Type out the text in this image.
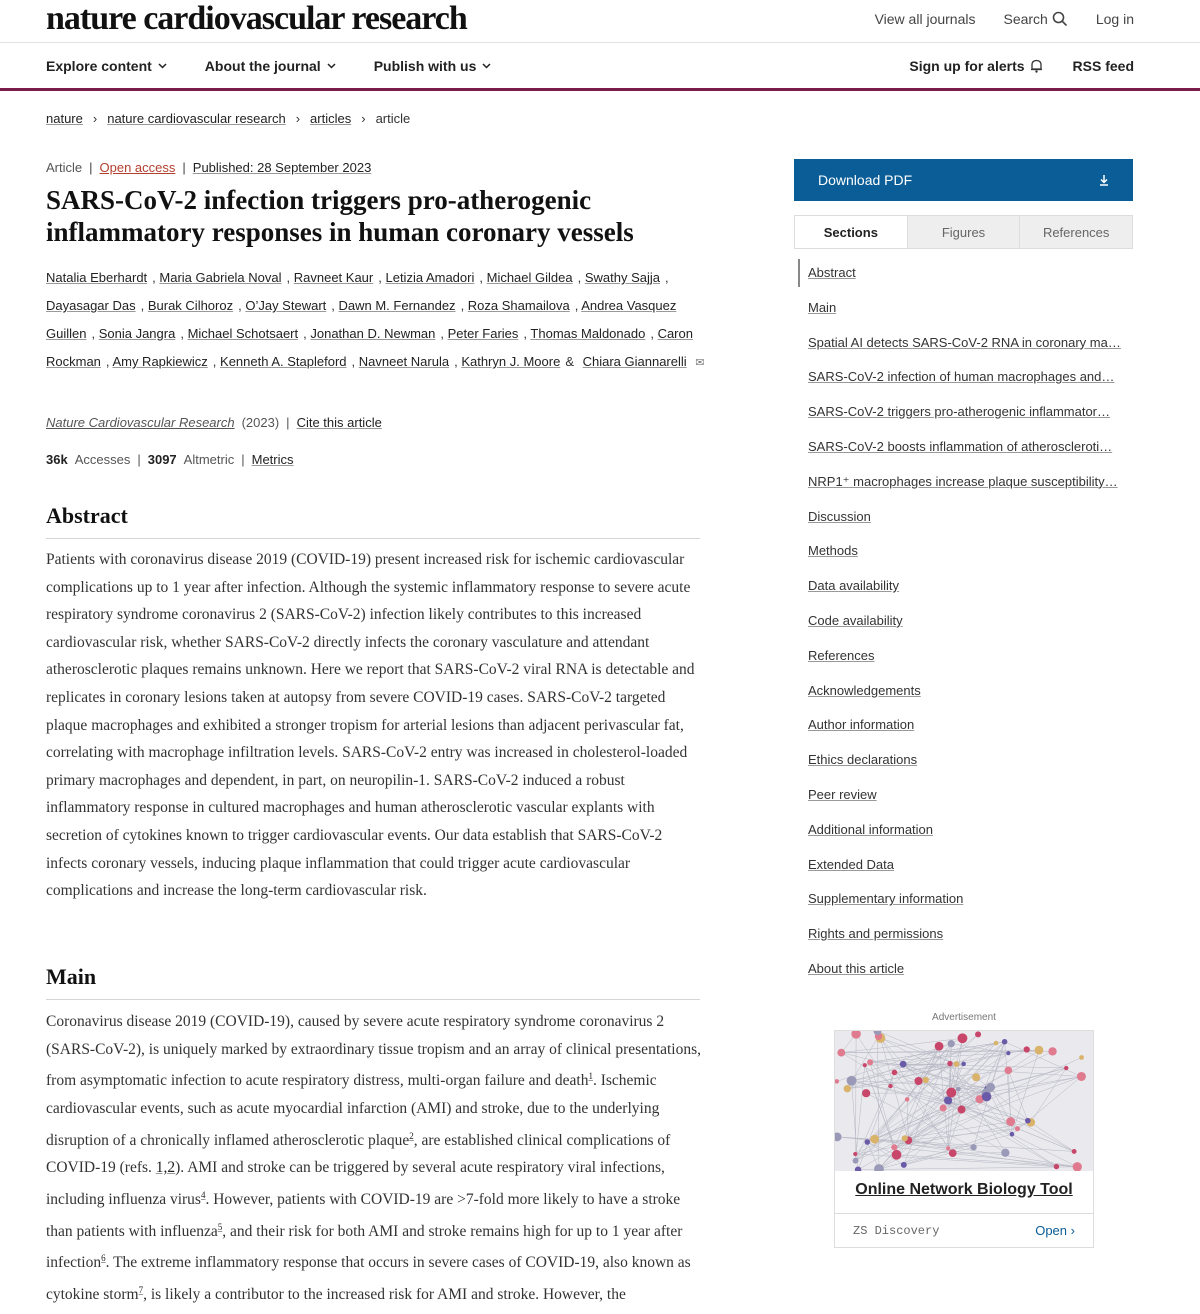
nature cardiovascular research	View all journals Search	Log in
Explore content	About the journal	Publish with us	Sign up for alerts	RSS feed
nature › nature cardiovascular research › articles › article
Article | Open access | Published: 28 September 2023
SARS-CoV-2 infection triggers pro-atherogenic inflammatory responses in human coronary vessels
Natalia Eberhardt , Maria Gabriela Noval , Ravneet Kaur , Letizia Amadori , Michael Gildea , Swathy Sajja , Dayasagar Das , Burak Cilhoroz , O’Jay Stewart , Dawn M. Fernandez , Roza Shamailova , Andrea Vasquez Guillen , Sonia Jangra , Michael Schotsaert , Jonathan D. Newman , Peter Faries , Thomas Maldonado , Caron Rockman , Amy Rapkiewicz , Kenneth A. Stapleford , Navneet Narula , Kathryn J. Moore & Chiara Giannarelli ✉
Nature Cardiovascular Research (2023) | Cite this article
36k Accesses | 3097 Altmetric | Metrics
Abstract

Patients with coronavirus disease 2019 (COVID-19) present increased risk for ischemic cardiovascular complications up to 1 year after infection. Although the systemic inflammatory response to severe acute respiratory syndrome coronavirus 2 (SARS-CoV-2) infection likely contributes to this increased cardiovascular risk, whether SARS-CoV-2 directly infects the coronary vasculature and attendant atherosclerotic plaques remains unknown. Here we report that SARS-CoV-2 viral RNA is detectable and replicates in coronary lesions taken at autopsy from severe COVID-19 cases. SARS-CoV-2 targeted plaque macrophages and exhibited a stronger tropism for arterial lesions than adjacent perivascular fat, correlating with macrophage infiltration levels. SARS-CoV-2 entry was increased in cholesterol-loaded primary macrophages and dependent, in part, on neuropilin-1. SARS-CoV-2 induced a robust inflammatory response in cultured macrophages and human atherosclerotic vascular explants with secretion of cytokines known to trigger cardiovascular events. Our data establish that SARS-CoV-2 infects coronary vessels, inducing plaque inflammation that could trigger acute cardiovascular complications and increase the long-term cardiovascular risk.

Main

Coronavirus disease 2019 (COVID-19), caused by severe acute respiratory syndrome coronavirus 2 (SARS-CoV-2), is uniquely marked by extraordinary tissue tropism and an array of clinical presentations, from asymptomatic infection to acute respiratory distress, multi-organ failure and death$^1$. Ischemic cardiovascular events, such as acute myocardial infarction (AMI) and stroke, due to the underlying disruption of a chronically inflamed atherosclerotic plaque$^2$, are established clinical complications of COVID-19 (refs. 1,2). AMI and stroke can be triggered by several acute respiratory viral infections, including influenza virus$^4$. However, patients with COVID-19 are >7-fold more likely to have a stroke than patients with influenza$^5$, and their risk for both AMI and stroke remains high for up to 1 year after infection$^6$. The extreme inflammatory response that occurs in severe cases of COVID-19, also known as cytokine storm$^7$, is likely a contributor to the increased risk for AMI and stroke. However, the

Download PDF
Sections	Figures	References
Abstract
Main
Spatial AI detects SARS-CoV-2 RNA in coronary ma…
SARS-CoV-2 infection of human macrophages and…
SARS-CoV-2 triggers pro-atherogenic inflammator…
SARS-CoV-2 boosts inflammation of atheroscleroti…
NRP1⁺ macrophages increase plaque susceptibility…
Discussion
Methods
Data availability
Code availability
References
Acknowledgements
Author information
Ethics declarations
Peer review
Additional information
Extended Data
Supplementary information
Rights and permissions
About this article
Advertisement
Online Network Biology Tool
ZS Discovery	Open ›
